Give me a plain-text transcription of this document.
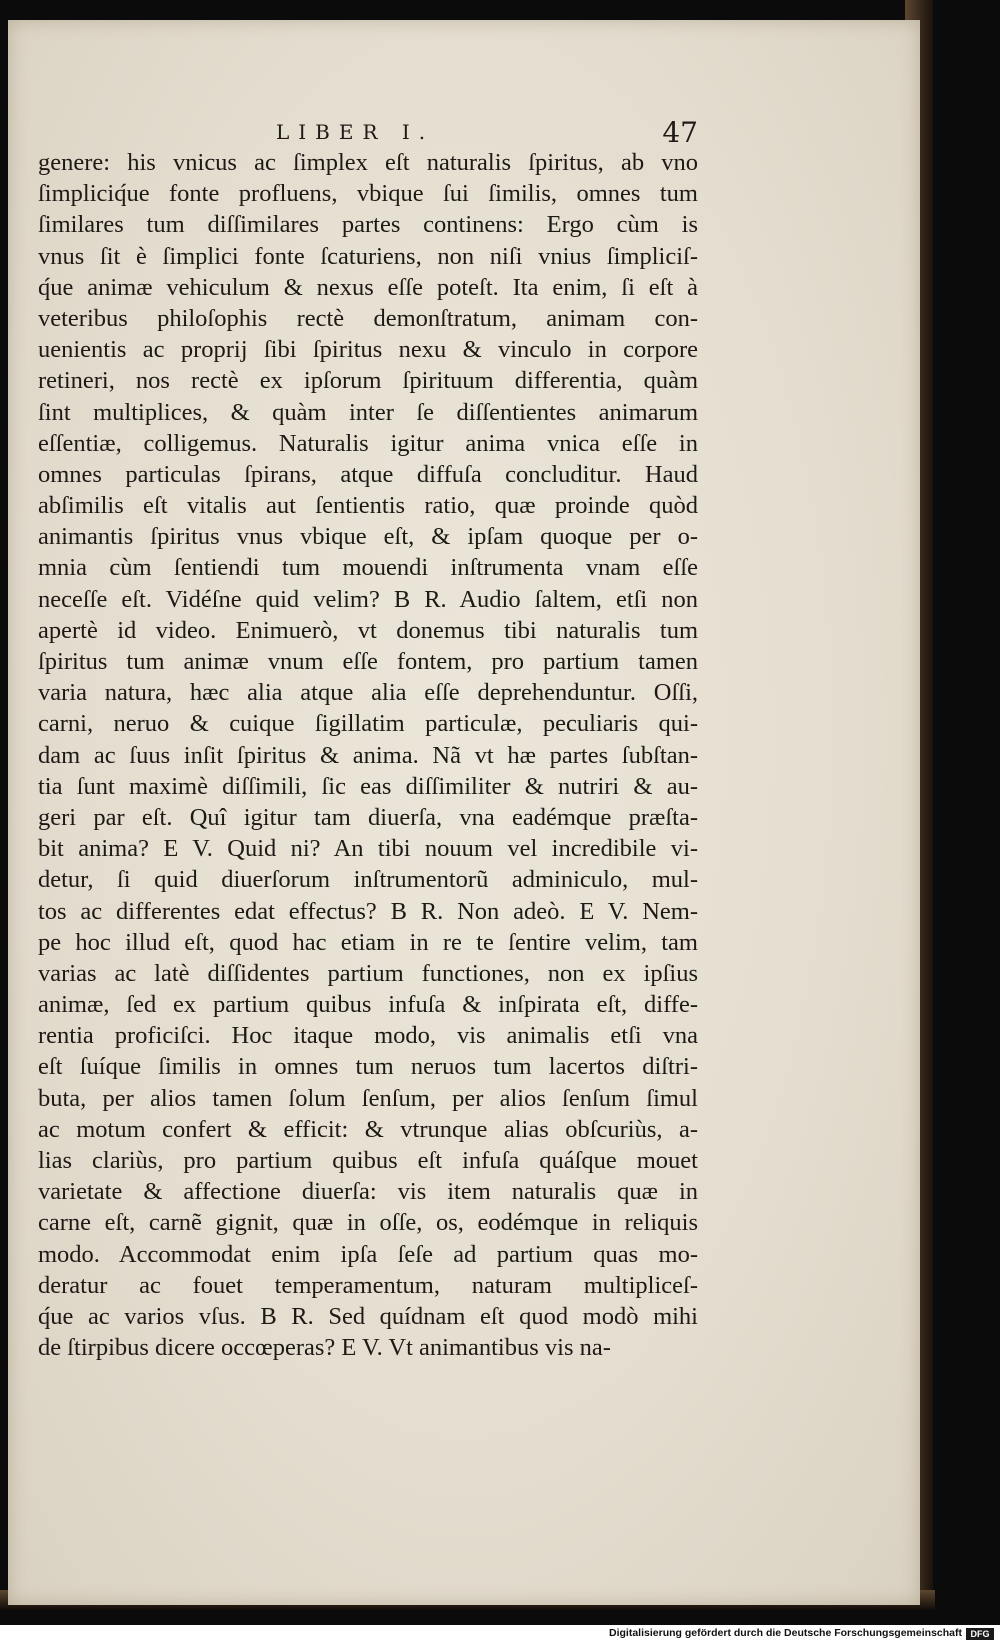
LIBER I.	47
genere: his vnicus ac ſimplex eſt naturalis ſpiritus, ab vno
ſimpliciq́ue fonte profluens, vbique ſui ſimilis, omnes tum
ſimilares tum diſſimilares partes continens: Ergo cùm is
vnus ſit è ſimplici fonte ſcaturiens, non niſi vnius ſimpliciſ-
q́ue animæ vehiculum & nexus eſſe poteſt. Ita enim, ſi eſt à
veteribus philoſophis rectè demonſtratum, animam con-
uenientis ac proprij ſibi ſpiritus nexu & vinculo in corpore
retineri, nos rectè ex ipſorum ſpirituum differentia, quàm
ſint multiplices, & quàm inter ſe diſſentientes animarum
eſſentiæ, colligemus. Naturalis igitur anima vnica eſſe in
omnes particulas ſpirans, atque diffuſa concluditur. Haud
abſimilis eſt vitalis aut ſentientis ratio, quæ proinde quòd
animantis ſpiritus vnus vbique eſt, & ipſam quoque per o-
mnia cùm ſentiendi tum mouendi inſtrumenta vnam eſſe
neceſſe eſt. Vidéſne quid velim? B R. Audio ſaltem, etſi non
apertè id video. Enimuerò, vt donemus tibi naturalis tum
ſpiritus tum animæ vnum eſſe fontem, pro partium tamen
varia natura, hæc alia atque alia eſſe deprehenduntur. Oſſi,
carni, neruo & cuique ſigillatim particulæ, peculiaris qui-
dam ac ſuus inſit ſpiritus & anima. Nã vt hæ partes ſubſtan-
tia ſunt maximè diſſimili, ſic eas diſſimiliter & nutriri & au-
geri par eſt. Quî igitur tam diuerſa, vna eadémque præſta-
bit anima? E V. Quid ni? An tibi nouum vel incredibile vi-
detur, ſi quid diuerſorum inſtrumentorũ adminiculo, mul-
tos ac differentes edat effectus? B R. Non adeò. E V. Nem-
pe hoc illud eſt, quod hac etiam in re te ſentire velim, tam
varias ac latè diſſidentes partium functiones, non ex ipſius
animæ, ſed ex partium quibus infuſa & inſpirata eſt, diffe-
rentia proficiſci. Hoc itaque modo, vis animalis etſi vna
eſt ſuíque ſimilis in omnes tum neruos tum lacertos diſtri-
buta, per alios tamen ſolum ſenſum, per alios ſenſum ſimul
ac motum confert & efficit: & vtrunque alias obſcuriùs, a-
lias clariùs, pro partium quibus eſt infuſa quáſque mouet
varietate & affectione diuerſa: vis item naturalis quæ in
carne eſt, carnẽ gignit, quæ in oſſe, os, eodémque in reliquis
modo. Accommodat enim ipſa ſeſe ad partium quas mo-
deratur ac fouet temperamentum, naturam multipliceſ-
q́ue ac varios vſus. B R. Sed quídnam eſt quod modò mihi
de ſtirpibus dicere occœperas? E V. Vt animantibus vis na-
Digitalisierung gefördert durch die Deutsche Forschungsgemeinschaft DFG
